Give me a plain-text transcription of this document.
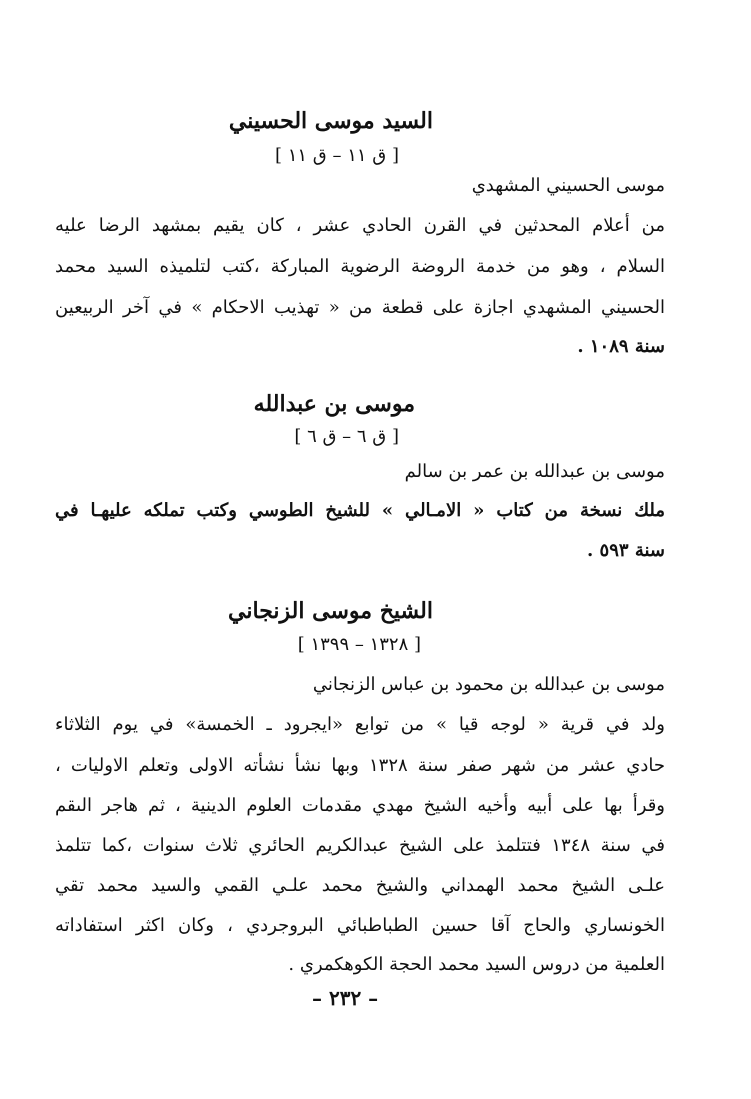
السيد موسى الحسيني
[ ق ١١ – ق ١١ ]
موسى الحسيني المشهدي
من أعلام المحدثين في القرن الحادي عشر ، كان يقيم بمشهد الرضا عليه
السلام ، وهو من خدمة الروضة الرضوية المباركة ،كتب لتلميذه السيد محمد
الحسيني المشهدي اجازة على قطعة من « تهذيب الاحكام » في آخر الربيعين
سنة ١٠٨٩ .
موسى بن عبدالله
[ ق ٦ – ق ٦ ]
موسى بن عبدالله بن عمر بن سالم
ملك نسخة من كتاب « الامـالي » للشيخ الطوسي وكتب تملكه عليهـا في
سنة ٥٩٣ .
الشيخ موسى الزنجاني
[ ١٣٢٨ – ١٣٩٩ ]
موسى بن عبدالله بن محمود بن عباس الزنجاني
ولد في قرية « لوجه قيا » من توابع «ايجرود ـ الخمسة» في يوم الثلاثاء
حادي عشر من شهر صفر سنة ١٣٢٨ وبها نشأ نشأته الاولى وتعلم الاوليات ،
وقرأ بها على أبيه وأخيه الشيخ مهدي مقدمات العلوم الدينية ، ثم هاجر الىقم
في سنة ١٣٤٨ فتتلمذ على الشيخ عبدالكريم الحائري ثلاث سنوات ،كما تتلمذ
علـى الشيخ محمد الهمداني والشيخ محمد علـي القمي والسيد محمد تقي
الخونساري والحاج آقا حسين الطباطبائي البروجردي ، وكان اكثر استفاداته
العلمية من دروس السيد محمد الحجة الكوهكمري .
– ٢٣٢ –
